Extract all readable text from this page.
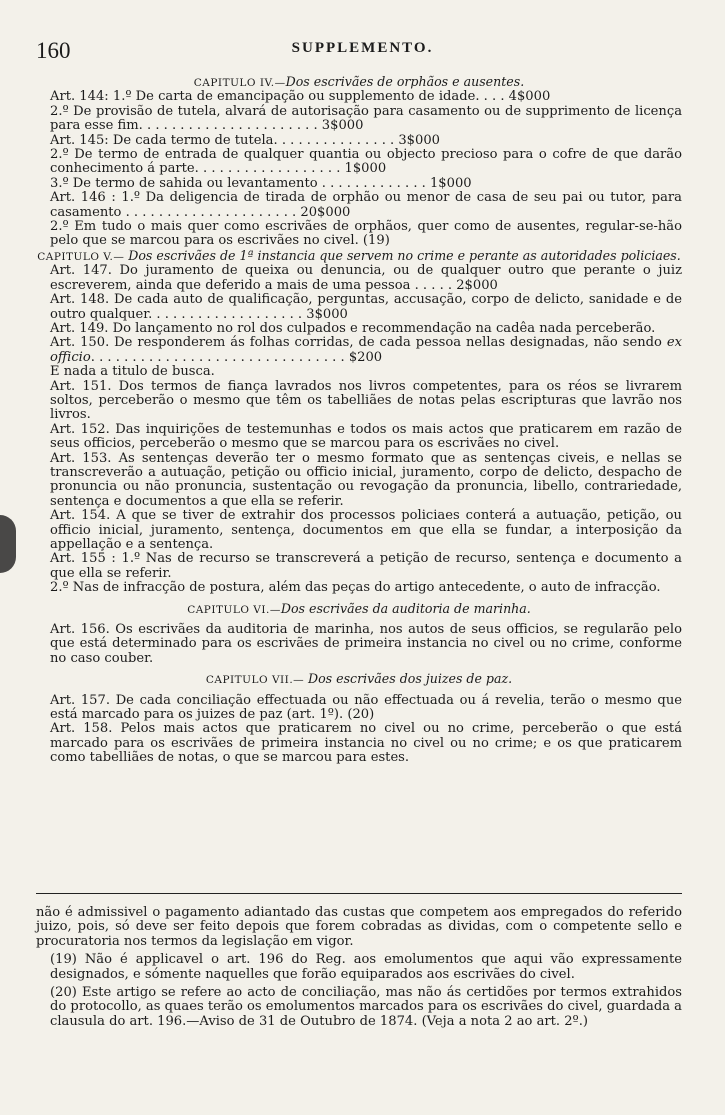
160	SUPPLEMENTO.

CAPITULO IV.—Dos escrivães de orphãos e ausentes.

Art. 144: 1.º De carta de emancipação ou supplemento de idade. . . . 4$000

2.º De provisão de tutela, alvará de autorisação para casamento ou de supprimento de licença para esse fim. . . . . . . . . . . . . . . . . . . . . . 3$000

Art. 145: De cada termo de tutela. . . . . . . . . . . . . . . 3$000

2.º De termo de entrada de qualquer quantia ou objecto precioso para o cofre de que darão conhecimento á parte. . . . . . . . . . . . . . . . . . 1$000

3.º De termo de sahida ou levantamento . . . . . . . . . . . . . 1$000

Art. 146 : 1.º Da deligencia de tirada de orphão ou menor de casa de seu pai ou tutor, para casamento . . . . . . . . . . . . . . . . . . . . . 20$000

2.º Em tudo o mais quer como escrivães de orphãos, quer como de ausentes, regular-se-hão pelo que se marcou para os escrivães no civel. (19)

CAPITULO V.— Dos escrivães de 1ª instancia que servem no crime e perante as autoridades policiaes.

Art. 147. Do juramento de queixa ou denuncia, ou de qualquer outro que perante o juiz escreverem, ainda que deferido a mais de uma pessoa . . . . . 2$000

Art. 148. De cada auto de qualificação, perguntas, accusação, corpo de delicto, sanidade e de outro qualquer. . . . . . . . . . . . . . . . . . . 3$000

Art. 149. Do lançamento no rol dos culpados e recommendação na cadêa nada perceberão.

Art. 150. De responderem ás folhas corridas, de cada pessoa nellas designadas, não sendo ex officio. . . . . . . . . . . . . . . . . . . . . . . . . . . . . . . $200

E nada a titulo de busca.

Art. 151. Dos termos de fiança lavrados nos livros competentes, para os réos se livrarem soltos, perceberão o mesmo que têm os tabelliães de notas pelas escripturas que lavrão nos livros.

Art. 152. Das inquirições de testemunhas e todos os mais actos que praticarem em razão de seus officios, perceberão o mesmo que se marcou para os escrivães no civel.

Art. 153. As sentenças deverão ter o mesmo formato que as sentenças civeis, e nellas se transcreverão a autuação, petição ou officio inicial, juramento, corpo de delicto, despacho de pronuncia ou não pronuncia, sustentação ou revogação da pronuncia, libello, contrariedade, sentença e documentos a que ella se referir.

Art. 154. A que se tiver de extrahir dos processos policiaes conterá a autuação, petição, ou officio inicial, juramento, sentença, documentos em que ella se fundar, a interposição da appellação e a sentença.

Art. 155 : 1.º Nas de recurso se transcreverá a petição de recurso, sentença e documento a que ella se referir.

2.º Nas de infracção de postura, além das peças do artigo antecedente, o auto de infracção.

CAPITULO VI.—Dos escrivães da auditoria de marinha.

Art. 156. Os escrivães da auditoria de marinha, nos autos de seus officios, se regularão pelo que está determinado para os escrivães de primeira instancia no civel ou no crime, conforme no caso couber.

CAPITULO VII.— Dos escrivães dos juizes de paz.

Art. 157. De cada conciliação effectuada ou não effectuada ou á revelia, terão o mesmo que está marcado para os juizes de paz (art. 1º). (20)

Art. 158. Pelos mais actos que praticarem no civel ou no crime, perceberão o que está marcado para os escrivães de primeira instancia no civel ou no crime; e os que praticarem como tabelliães de notas, o que se marcou para estes.

não é admissivel o pagamento adiantado das custas que competem aos empregados do referido juizo, pois, só deve ser feito depois que forem cobradas as dividas, com o competente sello e procuratoria nos termos da legislação em vigor.

(19) Não é applicavel o art. 196 do Reg. aos emolumentos que aqui vão expressamente designados, e sómente naquelles que forão equiparados aos escrivães do civel.

(20) Este artigo se refere ao acto de conciliação, mas não ás certidões por termos extrahidos do protocollo, as quaes terão os emolumentos marcados para os escrivães do civel, guardada a clausula do art. 196.—Aviso de 31 de Outubro de 1874. (Veja a nota 2 ao art. 2º.)
